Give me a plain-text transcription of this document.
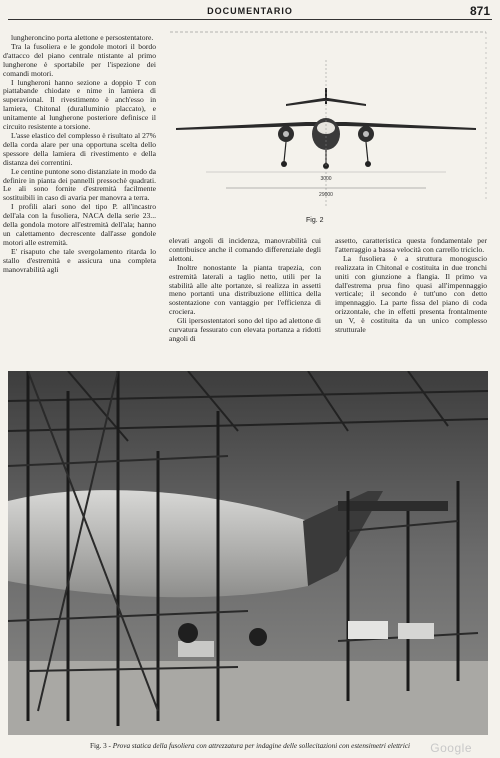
DOCUMENTARIO	871

lungheroncino porta alettone e persostentatore.

Tra la fusoliera e le gondole motori il bordo d'attacco del piano centrale ntistante al primo lungherone è sportabile per l'ispezione dei comandi motori.

I lungheroni hanno sezione a doppio T con piattabande chiodate e nime in lamiera di superavional. Il rivestimento è anch'esso in lamiera, Chitonal (duralluminio placcato), e unitamente al lungherone posteriore definisce il circuito resistente a torsione.

L'asse elastico del complesso è risultato al 27% della corda alare per una opportuna scelta dello spessore della lamiera di rivestimento e della distanza dei correntini.

Le centine puntone sono distanziate in modo da definire in pianta dei pannelli pressochè quadrati. Le ali sono fornite d'estremità facilmente sostituibili in caso di avaria per manovra a terra.

I profili alari sono del tipo P. all'incastro dell'ala con la fusoliera, NACA della serie 23... della gondola motore all'estremità dell'ala; hanno un calettamento decrescente dall'asse gondole motori alle estremità.

E' risaputo che tale svergolamento ritarda lo stallo d'estremità e assicura una completa manovrabilità agli

3000
29000
Fig. 2

elevati angoli di incidenza, manovrabilità cui contribuisce anche il comando differenziale degli alettoni.

Inoltre nonostante la pianta trapezia, con estremità laterali a taglio netto, utili per la stabilità alle alte portanze, si realizza in assetti meno portanti una distribuzione ellittica della sostentazione con vantaggio per l'efficienza di crociera.

Gli ipersostentatori sono del tipo ad alettone di curvatura fessurato con elevata portanza a ridotti angoli di

assetto, caratteristica questa fondamentale per l'atterraggio a bassa velocità con carrello triciclo.

La fusoliera è a struttura monoguscio realizzata in Chitonal e costituita in due tronchi uniti con giunzione a flangia. Il primo va dall'estrema prua fino quasi all'impennaggio verticale; il secondo è tutt'uno con detto impennaggio. La parte fissa del piano di coda orizzontale, che in effetti presenta frontalmente un V, è costituita da un unico complesso strutturale

Fig. 3 - Prova statica della fusoliera con attrezzatura per indagine delle sollecitazioni con estensimetri elettrici	Google
